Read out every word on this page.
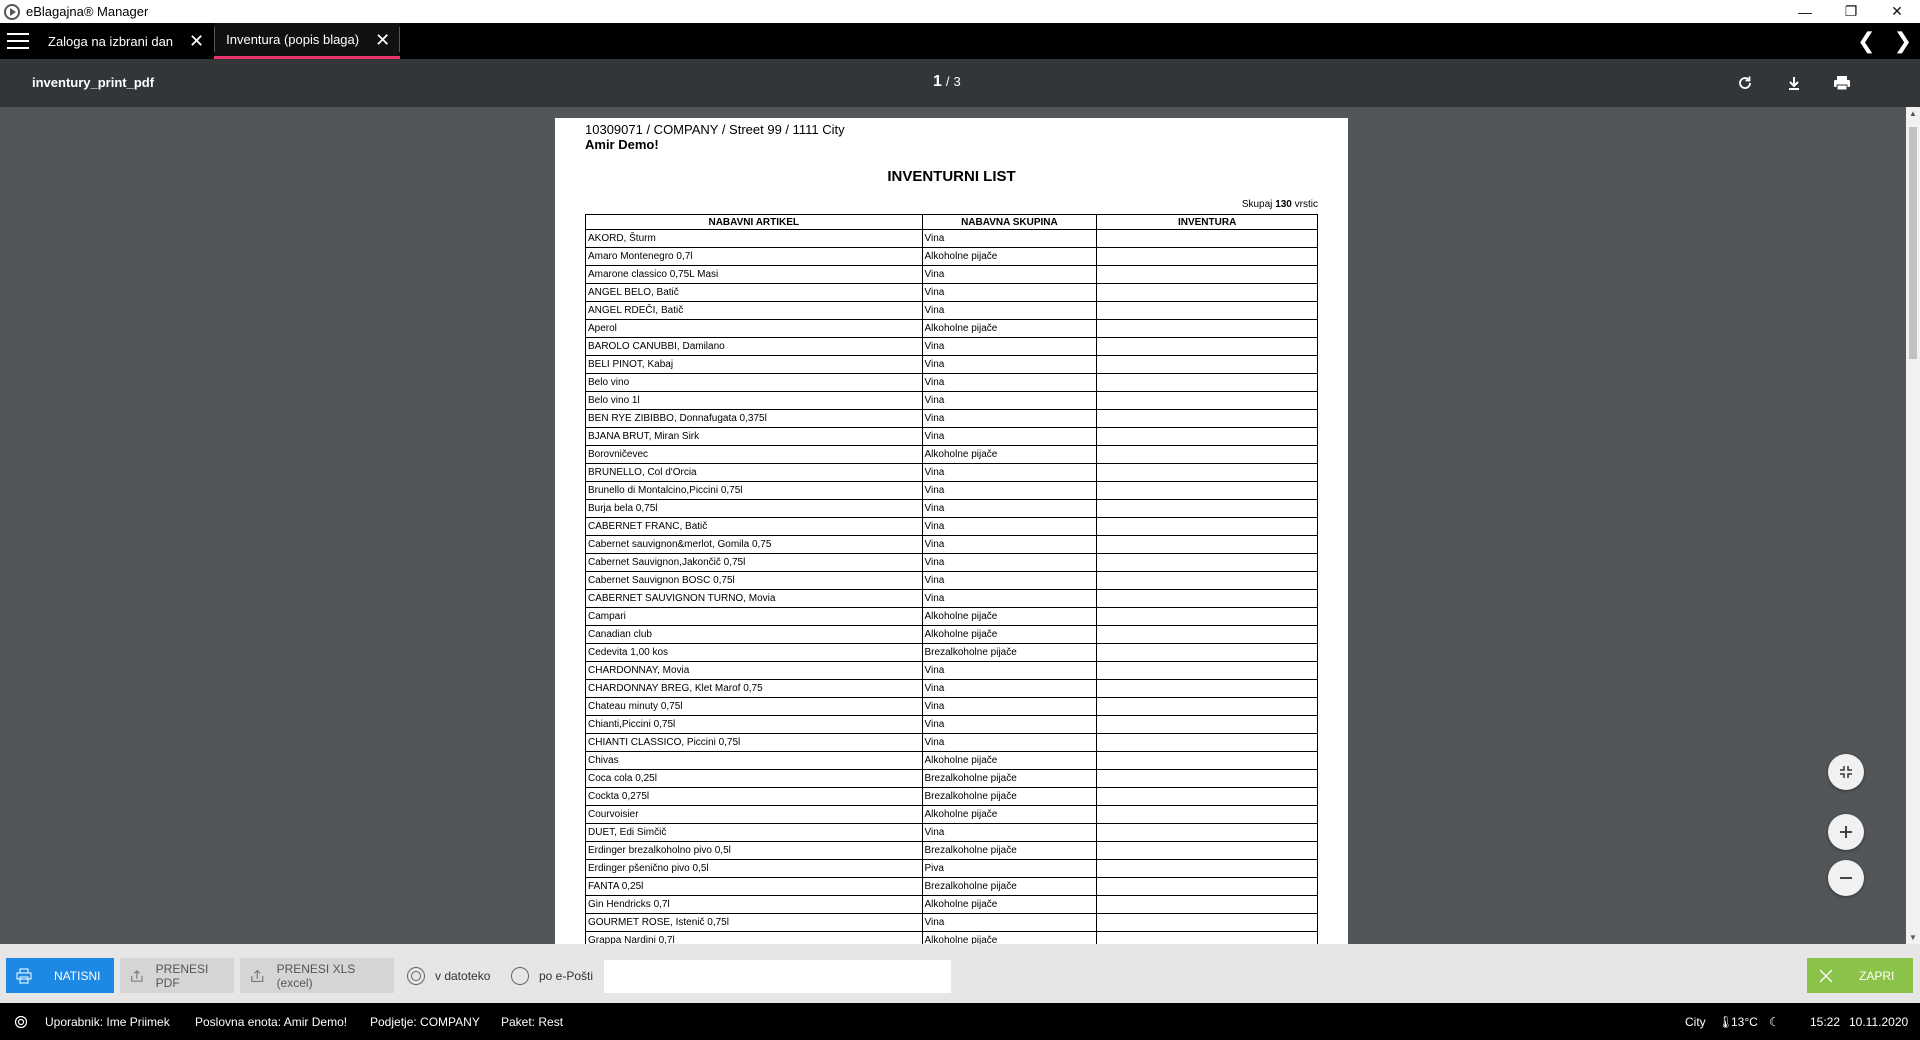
eBlagajna® Manager	—	❐	✕
Zaloga na izbrani dan ✕ Inventura (popis blaga) ✕	❮ ❯
inventury_print_pdf	1 / 3
10309071 / COMPANY / Street 99 / 1111 City
Amir Demo!
INVENTURNI LIST
Skupaj 130 vrstic
NABAVNI ARTIKEL	NABAVNA SKUPINA	INVENTURA
AKORD, Šturm	Vina	
Amaro Montenegro 0,7l	Alkoholne pijače	
Amarone classico 0,75L Masi	Vina	
ANGEL BELO, Batič	Vina	
ANGEL RDEČI, Batič	Vina	
Aperol	Alkoholne pijače	
BAROLO CANUBBI, Damilano	Vina	
BELI PINOT, Kabaj	Vina	
Belo vino	Vina	
Belo vino 1l	Vina	
BEN RYE ZIBIBBO, Donnafugata 0,375l	Vina	
BJANA BRUT, Miran Sirk	Vina	
Borovničevec	Alkoholne pijače	
BRUNELLO, Col d'Orcia	Vina	
Brunello di Montalcino,Piccini 0,75l	Vina	
Burja bela 0,75l	Vina	
CABERNET FRANC, Batič	Vina	
Cabernet sauvignon&merlot, Gomila 0,75	Vina	
Cabernet Sauvignon,Jakončič 0,75l	Vina	
Cabernet Sauvignon BOSC 0,75l	Vina	
CABERNET SAUVIGNON TURNO, Movia	Vina	
Campari	Alkoholne pijače	
Canadian club	Alkoholne pijače	
Cedevita 1,00 kos	Brezalkoholne pijače	
CHARDONNAY, Movia	Vina	
CHARDONNAY BREG, Klet Marof 0,75	Vina	
Chateau minuty 0,75l	Vina	
Chianti,Piccini 0,75l	Vina	
CHIANTI CLASSICO, Piccini 0,75l	Vina	
Chivas	Alkoholne pijače	
Coca cola 0,25l	Brezalkoholne pijače	
Cockta 0,275l	Brezalkoholne pijače	
Courvoisier	Alkoholne pijače	
DUET, Edi Simčič	Vina	
Erdinger brezalkoholno pivo 0,5l	Brezalkoholne pijače	
Erdinger pšenično pivo 0,5l	Piva	
FANTA 0,25l	Brezalkoholne pijače	
Gin Hendricks 0,7l	Alkoholne pijače	
GOURMET ROSE, Istenič 0,75l	Vina	
Grappa Nardini 0,7l	Alkoholne pijače	
▲
▼
NATISNI	PRENESI PDF
PRENESI XLS (excel)	v datoteko	po e-Pošti	ZAPRI
Uporabnik: Ime Priimek Poslovna enota: Amir Demo! Podjetje: COMPANY Paket: Rest	City 🌡
13°C ☾	15:22 10.11.2020
